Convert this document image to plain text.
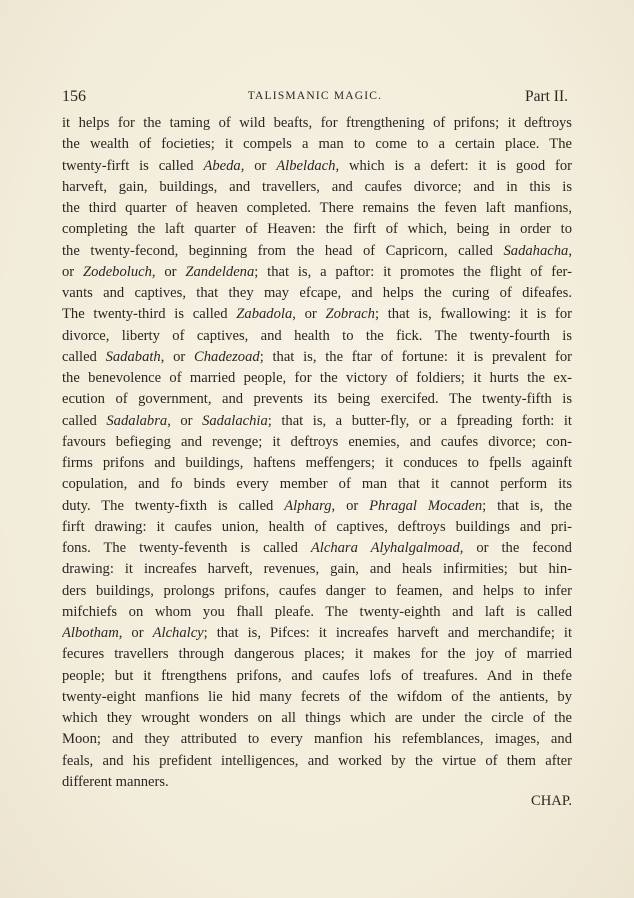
156	TALISMANIC MAGIC.	Part II.
it helps for the taming of wild beafts, for ftrengthening of prifons; it deftroys
the wealth of focieties; it compels a man to come to a certain place. The
twenty-firft is called Abeda, or Albeldach, which is a defert: it is good for
harveft, gain, buildings, and travellers, and caufes divorce; and in this is
the third quarter of heaven completed. There remains the feven laft manfions,
completing the laft quarter of Heaven: the firft of which, being in order to
the twenty-fecond, beginning from the head of Capricorn, called Sadahacha,
or Zodeboluch, or Zandeldena; that is, a paftor: it promotes the flight of fer-
vants and captives, that they may efcape, and helps the curing of difeafes.
The twenty-third is called Zabadola, or Zobrach; that is, fwallowing: it is for
divorce, liberty of captives, and health to the fick. The twenty-fourth is
called Sadabath, or Chadezoad; that is, the ftar of fortune: it is prevalent for
the benevolence of married people, for the victory of foldiers; it hurts the ex-
ecution of government, and prevents its being exercifed. The twenty-fifth is
called Sadalabra, or Sadalachia; that is, a butter-fly, or a fpreading forth: it
favours befieging and revenge; it deftroys enemies, and caufes divorce; con-
firms prifons and buildings, haftens meffengers; it conduces to fpells againft
copulation, and fo binds every member of man that it cannot perform its
duty. The twenty-fixth is called Alpharg, or Phragal Mocaden; that is, the
firft drawing: it caufes union, health of captives, deftroys buildings and pri-
fons. The twenty-feventh is called Alchara Alyhalgalmoad, or the fecond
drawing: it increafes harveft, revenues, gain, and heals infirmities; but hin-
ders buildings, prolongs prifons, caufes danger to feamen, and helps to infer
mifchiefs on whom you fhall pleafe. The twenty-eighth and laft is called
Albotham, or Alchalcy; that is, Pifces: it increafes harveft and merchandife; it
fecures travellers through dangerous places; it makes for the joy of married
people; but it ftrengthens prifons, and caufes lofs of treafures. And in thefe
twenty-eight manfions lie hid many fecrets of the wifdom of the antients, by
which they wrought wonders on all things which are under the circle of the
Moon; and they attributed to every manfion his refemblances, images, and
feals, and his prefident intelligences, and worked by the virtue of them after
different manners.
CHAP.
